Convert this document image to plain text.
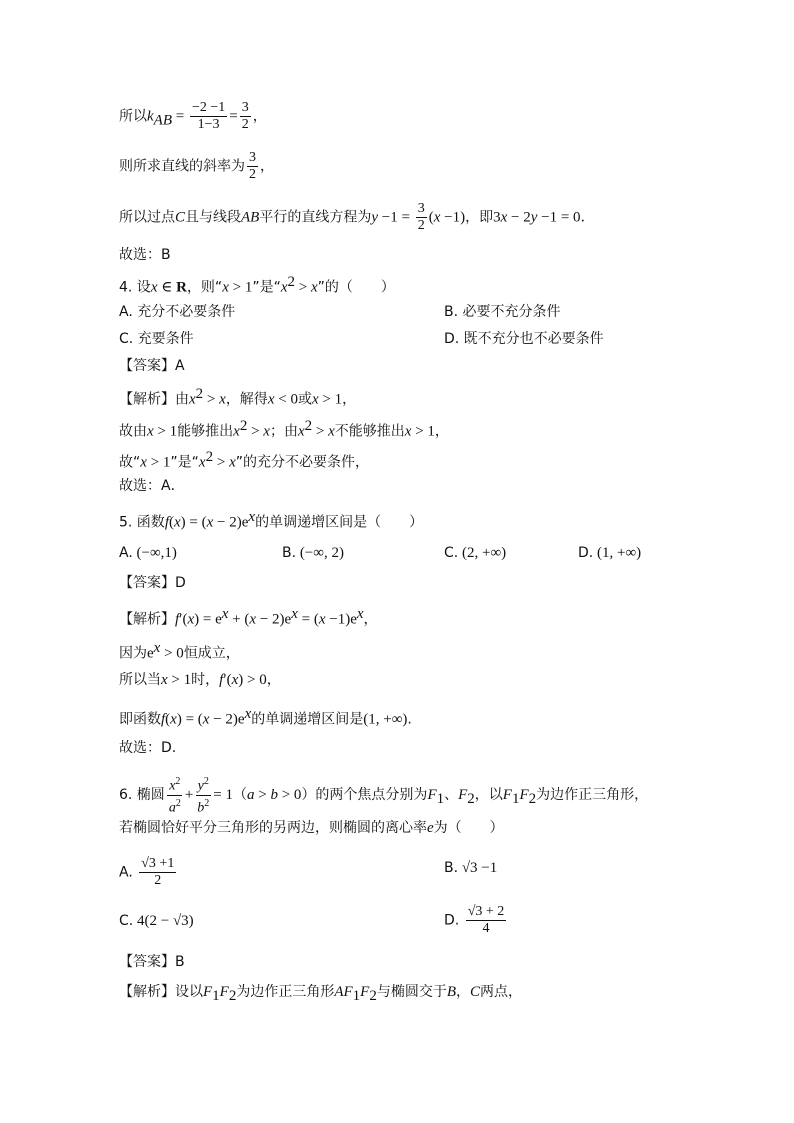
所以$k_{AB} = \frac{-2 -1}{1-3} = \frac{3}{2}$ ，
则所求直线的斜率为 $\frac{3}{2}$ ，
所以过点C且与线段AB平行的直线方程为$y -1 = \frac{3}{2} (x -1)$，即3x − 2y −1 = 0．
故选：B
4. 设x ∈ R，则“x > 1”是“$x^2 > x$”的（　　）
A. 充分不必要条件	B. 必要不充分条件
C. 充要条件	D. 既不充分也不必要条件
【答案】A
【解析】由$x^2 > x$，解得x < 0或x > 1，
故由x > 1能够推出$x^2 > x$；由$x^2 > x$不能够推出x > 1，
故“x > 1”是“$x^2 > x$”的充分不必要条件，
故选：A．
5. 函数$f(x) = (x - 2)e^x$的单调递增区间是（　　）
A. (−∞,1)	B. (−∞, 2)	C. (2, +∞)	D. (1, +∞)
【答案】D
【解析】$f'(x) = e^x + (x - 2)e^x = (x -1)e^x$，
因为$e^x > 0$恒成立，
所以当x > 1时，f′(x) > 0，
即函数$f(x) = (x - 2)e^x$的单调递增区间是(1, +∞).
故选：D.
6. 椭圆 $\frac{x^2}{a^2} + \frac{y^2}{b^2} = 1(a > b > 0)$的两个焦点分别为$F_1$、$F_2$，以$F_1F_2$为边作正三角形，
若椭圆恰好平分三角形的另两边，则椭圆的离心率e为（　　）
A. $\frac{√3 +1}{2}$	B. √3 −1
C. 4(2 − √3)	D. $\frac{√3 + 2}{4}$
【答案】B
【解析】设以$F_1F_2$为边作正三角形$AF_1F_2$与椭圆交于B，C两点，
